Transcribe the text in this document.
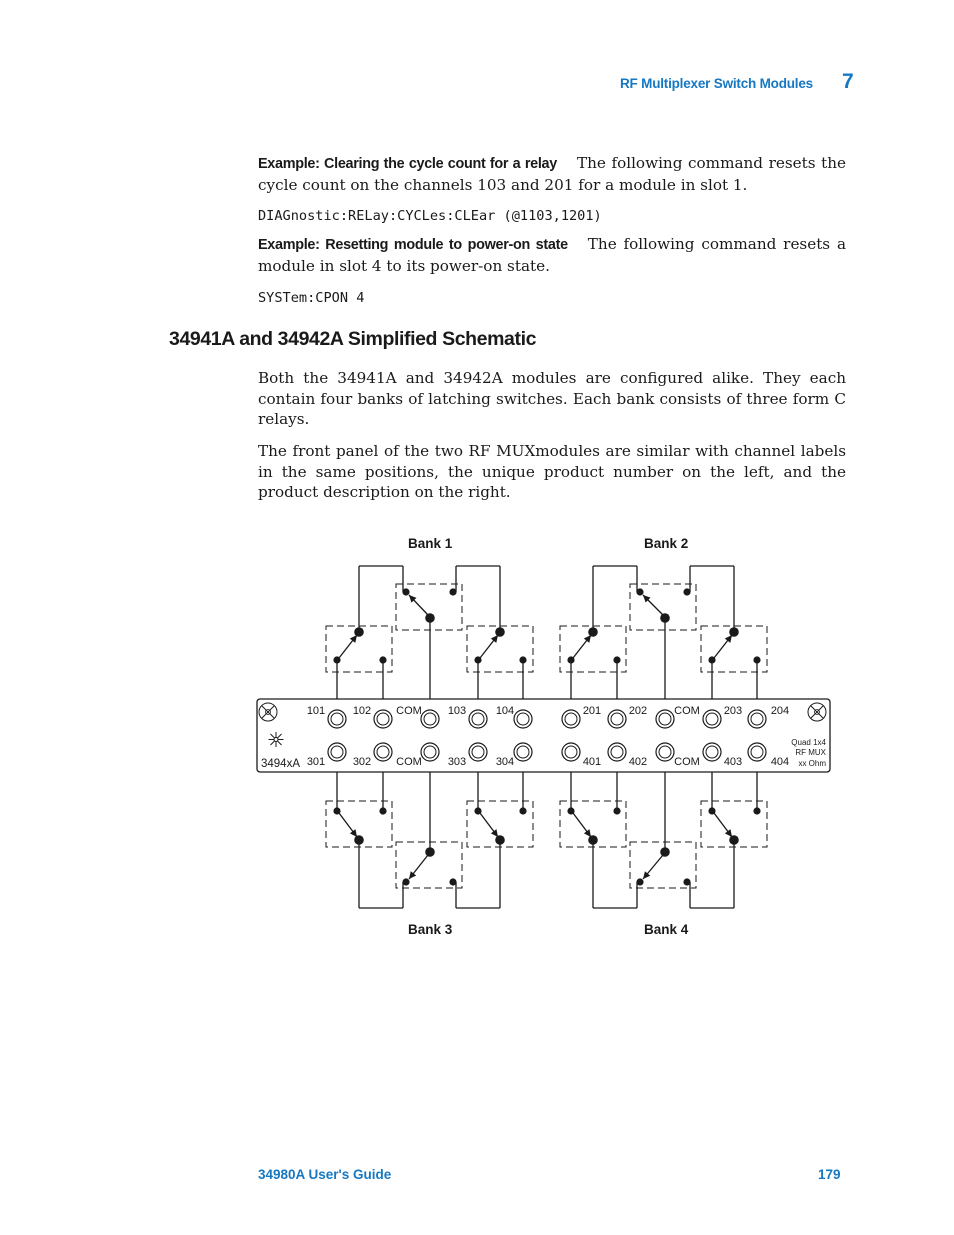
RF Multiplexer Switch Modules 7
Example: Clearing the cycle count for a relay The following command resets the cycle count on the channels 103 and 201 for a module in slot 1.
DIAGnostic:RELay:CYCLes:CLEar (@1103,1201)
Example: Resetting module to power-on state The following command resets a module in slot 4 to its power-on state.
SYSTem:CPON 4
34941A and 34942A Simplified Schematic
Both the 34941A and 34942A modules are configured alike. They each contain four banks of latching switches. Each bank consists of three form C relays.
The front panel of the two RF MUXmodules are similar with channel labels in the same positions, the unique product number on the left, and the product description on the right.
Bank 1	Bank 2
Bank 3	Bank 4
3494xA
Quad 1x4
RF MUX
xx Ohm
101	102 COM 103	104	201	202 COM 203	204
301	302 COM 303	304	401	402 COM 403	404
34980A User's Guide	179
